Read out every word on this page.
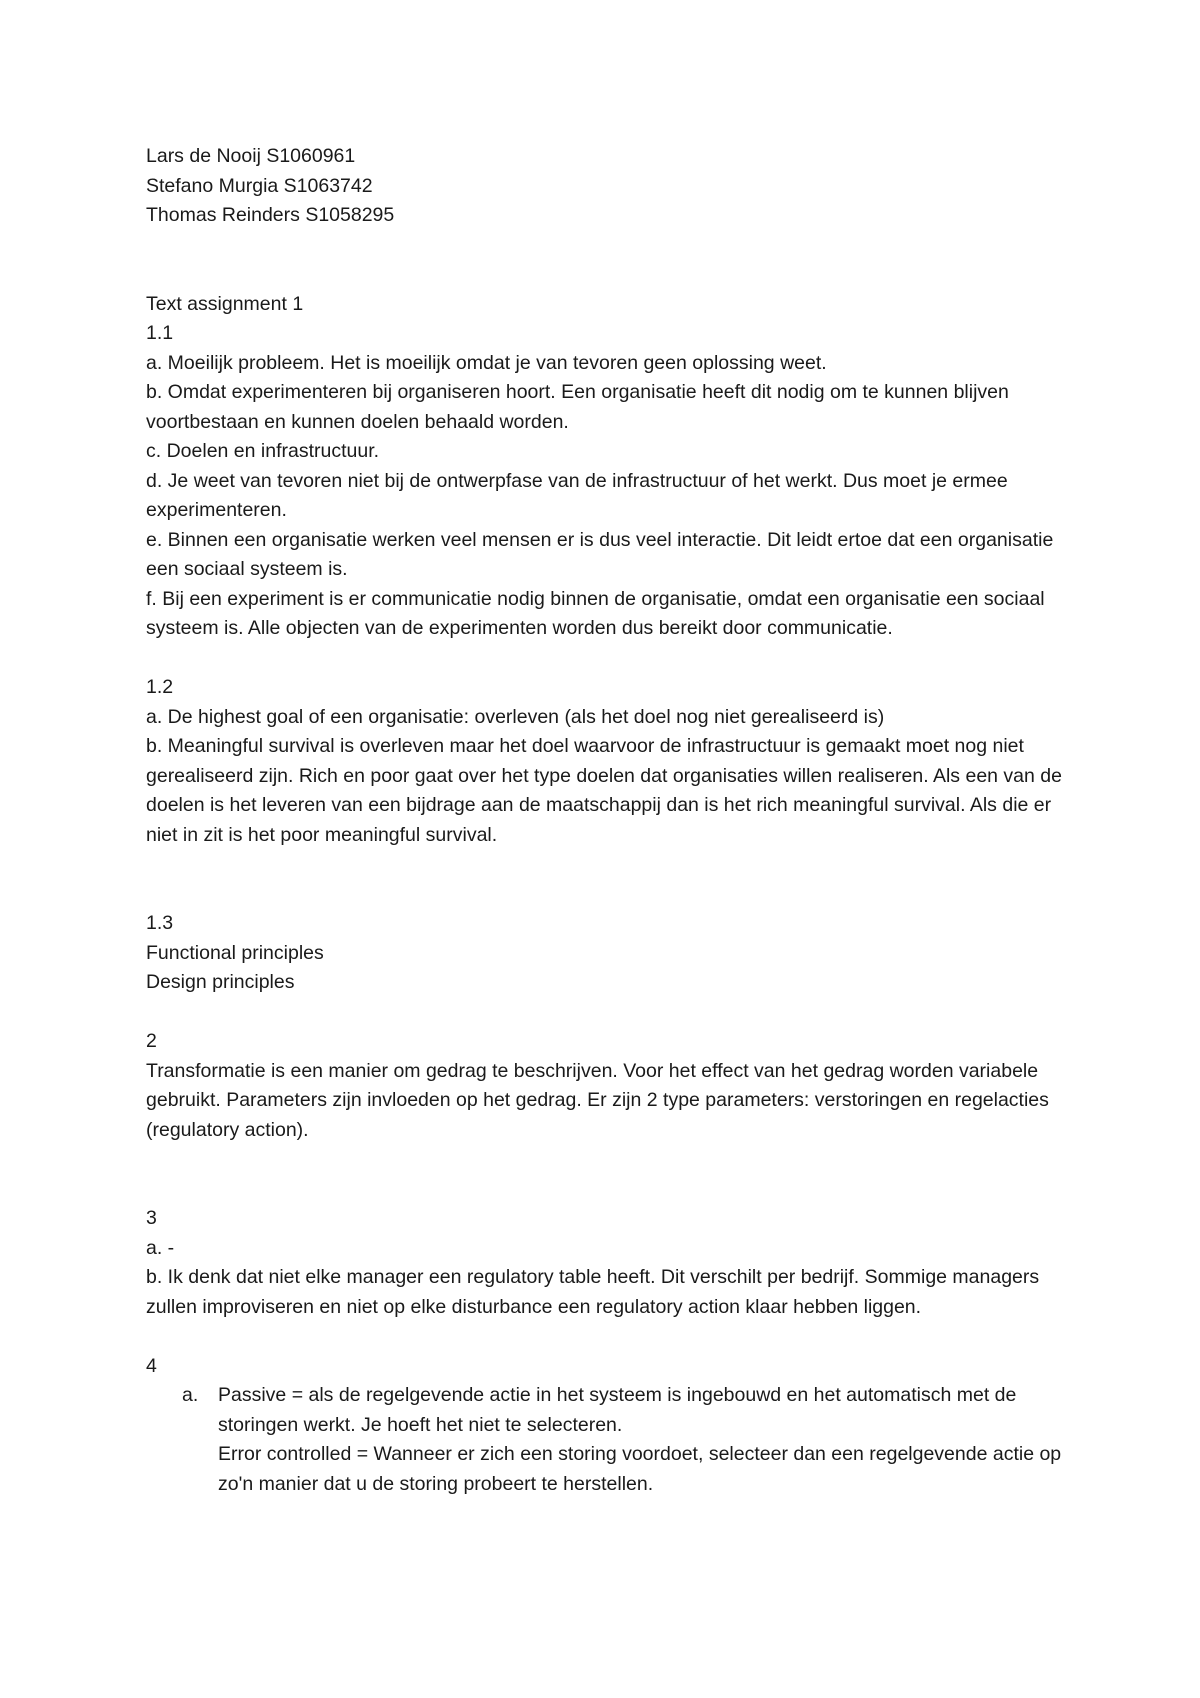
Lars de Nooij S1060961
Stefano Murgia S1063742
Thomas Reinders S1058295
Text assignment 1
1.1
a. Moeilijk probleem. Het is moeilijk omdat je van tevoren geen oplossing weet.
b. Omdat experimenteren bij organiseren hoort. Een organisatie heeft dit nodig om te kunnen blijven voortbestaan en kunnen doelen behaald worden.
c. Doelen en infrastructuur.
d. Je weet van tevoren niet bij de ontwerpfase van de infrastructuur of het werkt. Dus moet je ermee experimenteren.
e. Binnen een organisatie werken veel mensen er is dus veel interactie. Dit leidt ertoe dat een organisatie een sociaal systeem is.
f. Bij een experiment is er communicatie nodig binnen de organisatie, omdat een organisatie een sociaal systeem is. Alle objecten van de experimenten worden dus bereikt door communicatie.
1.2
a. De highest goal of een organisatie: overleven (als het doel nog niet gerealiseerd is)
b. Meaningful survival is overleven maar het doel waarvoor de infrastructuur is gemaakt moet nog niet gerealiseerd zijn. Rich en poor gaat over het type doelen dat organisaties willen realiseren. Als een van de doelen is het leveren van een bijdrage aan de maatschappij dan is het rich meaningful survival. Als die er niet in zit is het poor meaningful survival.
1.3
Functional principles
Design principles
2
Transformatie is een manier om gedrag te beschrijven. Voor het effect van het gedrag worden variabele gebruikt. Parameters zijn invloeden op het gedrag. Er zijn 2 type parameters: verstoringen en regelacties (regulatory action).
3
a. -
b. Ik denk dat niet elke manager een regulatory table heeft. Dit verschilt per bedrijf. Sommige managers zullen improviseren en niet op elke disturbance een regulatory action klaar hebben liggen.
4
a.	Passive = als de regelgevende actie in het systeem is ingebouwd en het automatisch met de storingen werkt. Je hoeft het niet te selecteren.
Error controlled = Wanneer er zich een storing voordoet, selecteer dan een regelgevende actie op zo'n manier dat u de storing probeert te herstellen.
